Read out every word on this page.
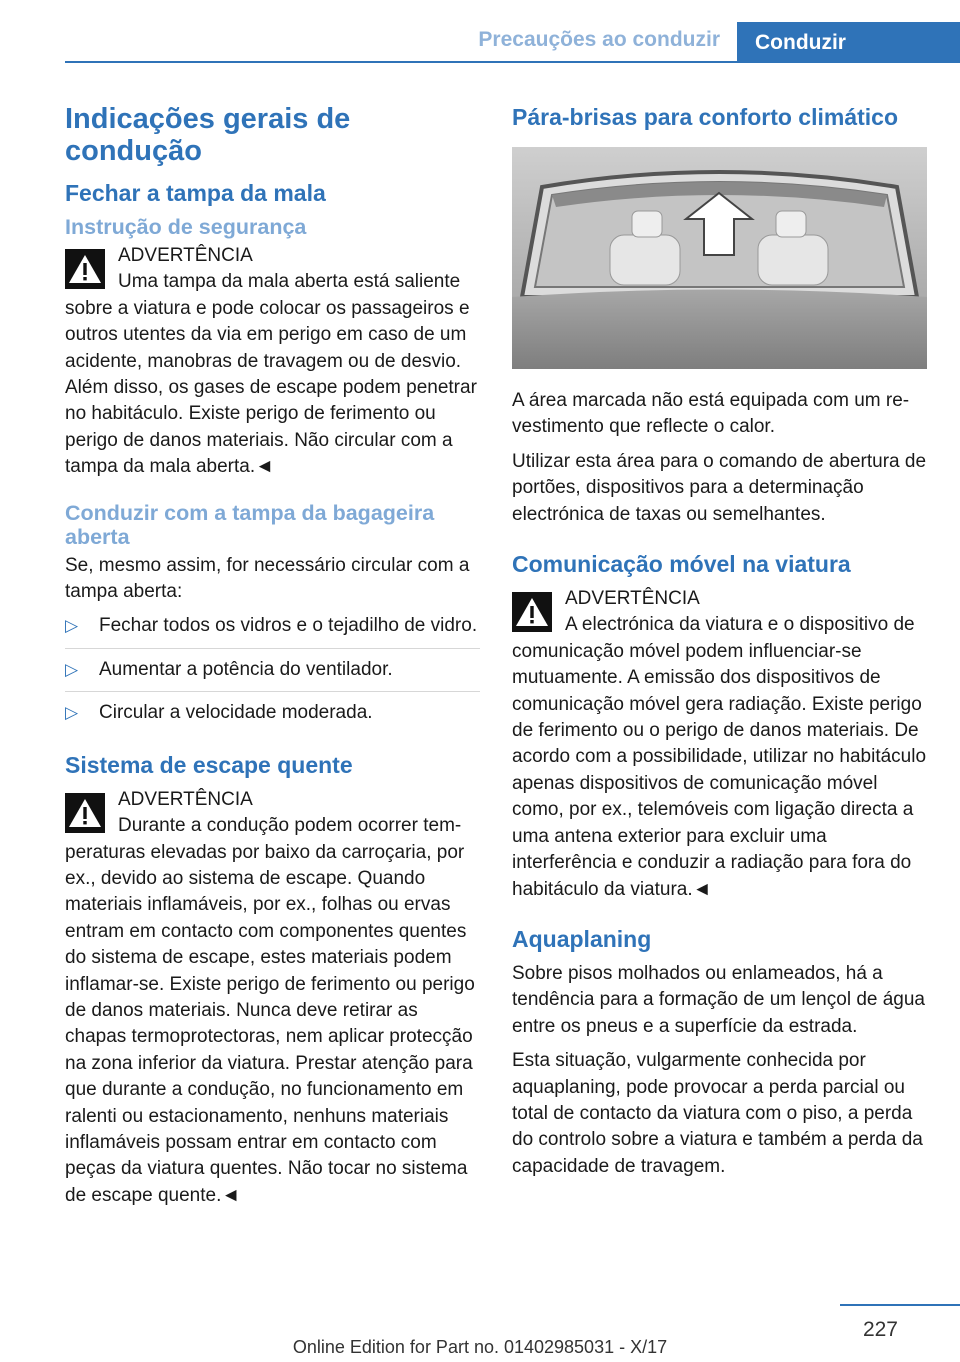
Precauções ao conduzir	Conduzir
Indicações gerais de condução
Fechar a tampa da mala
Instrução de segurança
ADVERTÊNCIA
Uma tampa da mala aberta está saliente sobre a viatura e pode colocar os passageiros e outros utentes da via em perigo em caso de um acidente, manobras de travagem ou de desvio. Além disso, os gases de escape podem penetrar no habitáculo. Existe perigo de ferimento ou perigo de danos materiais. Não circular com a tampa da mala aberta.◄
Conduzir com a tampa da bagageira aberta

Se, mesmo assim, for necessário circular com a tampa aberta:

▷ Fechar todos os vidros e o tejadilho de vidro.
▷ Aumentar a potência do ventilador.
▷ Circular a velocidade moderada.
Sistema de escape quente
ADVERTÊNCIA
Durante a condução podem ocorrer temperaturas elevadas por baixo da carroçaria, por ex., devido ao sistema de escape. Quando materiais inflamáveis, por ex., folhas ou ervas entram em contacto com componentes quentes do sistema de escape, estes materiais podem inflamar-se. Existe perigo de ferimento ou perigo de danos materiais. Nunca deve retirar as chapas termoprotectoras, nem aplicar protecção na zona inferior da viatura. Prestar atenção para que durante a condução, no funcionamento em ralenti ou estacionamento, nenhuns materiais inflamáveis possam entrar em contacto com peças da viatura quentes. Não tocar no sistema de escape quente.◄
Pára-brisas para conforto climático

A área marcada não está equipada com um revestimento que reflecte o calor.

Utilizar esta área para o comando de abertura de portões, dispositivos para a determinação electrónica de taxas ou semelhantes.

Comunicação móvel na viatura
ADVERTÊNCIA
A electrónica da viatura e o dispositivo de comunicação móvel podem influenciar-se mutuamente. A emissão dos dispositivos de comunicação móvel gera radiação. Existe perigo de ferimento ou o perigo de danos materiais. De acordo com a possibilidade, utilizar no habitáculo apenas dispositivos de comunicação móvel como, por ex., telemóveis com ligação directa a uma antena exterior para excluir uma interferência e conduzir a radiação para fora do habitáculo da viatura.◄
Aquaplaning

Sobre pisos molhados ou enlameados, há a tendência para a formação de um lençol de água entre os pneus e a superfície da estrada.

Esta situação, vulgarmente conhecida por aquaplaning, pode provocar a perda parcial ou total de contacto da viatura com o piso, a perda do controlo sobre a viatura e também a perda da capacidade de travagem.

227
Online Edition for Part no. 01402985031 - X/17
